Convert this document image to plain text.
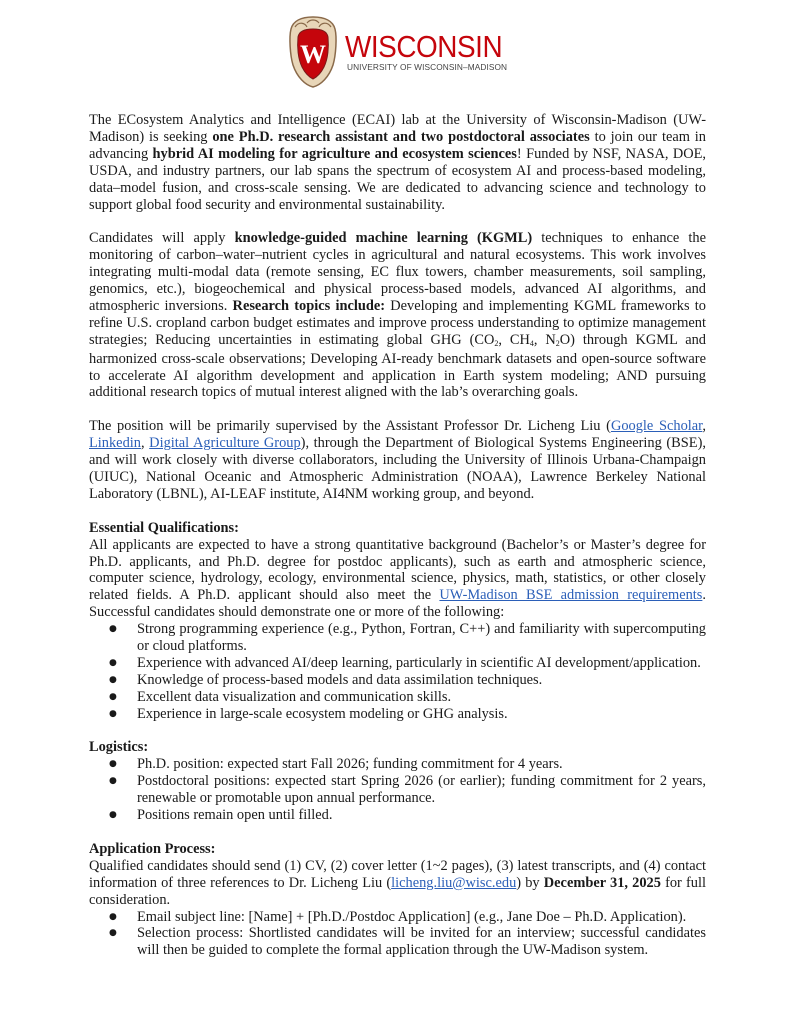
W WISCONSIN
UNIVERSITY OF WISCONSIN–MADISON

The ECosystem Analytics and Intelligence (ECAI) lab at the University of Wisconsin-Madison (UW-Madison) is seeking one Ph.D. research assistant and two postdoctoral associates to join our team in advancing hybrid AI modeling for agriculture and ecosystem sciences! Funded by NSF, NASA, DOE, USDA, and industry partners, our lab spans the spectrum of ecosystem AI and process-based modeling, data–model fusion, and cross-scale sensing. We are dedicated to advancing science and technology to support global food security and environmental sustainability.

Candidates will apply knowledge-guided machine learning (KGML) techniques to enhance the monitoring of carbon–water–nutrient cycles in agricultural and natural ecosystems. This work involves integrating multi-modal data (remote sensing, EC flux towers, chamber measurements, soil sampling, genomics, etc.), biogeochemical and physical process-based models, advanced AI algorithms, and atmospheric inversions. Research topics include: Developing and implementing KGML frameworks to refine U.S. cropland carbon budget estimates and improve process understanding to optimize management strategies; Reducing uncertainties in estimating global GHG ($CO_2$, $CH_4$, $N_2O$) through KGML and harmonized cross-scale observations; Developing AI-ready benchmark datasets and open-source software to accelerate AI algorithm development and application in Earth system modeling; AND pursuing additional research topics of mutual interest aligned with the lab’s overarching goals.

The position will be primarily supervised by the Assistant Professor Dr. Licheng Liu (Google Scholar, Linkedin, Digital Agriculture Group), through the Department of Biological Systems Engineering (BSE), and will work closely with diverse collaborators, including the University of Illinois Urbana-Champaign (UIUC), National Oceanic and Atmospheric Administration (NOAA), Lawrence Berkeley National Laboratory (LBNL), AI-LEAF institute, AI4NM working group, and beyond.

Essential Qualifications:

All applicants are expected to have a strong quantitative background (Bachelor’s or Master’s degree for Ph.D. applicants, and Ph.D. degree for postdoc applicants), such as earth and atmospheric science, computer science, hydrology, ecology, environmental science, physics, math, statistics, or other closely related fields. A Ph.D. applicant should also meet the UW-Madison BSE admission requirements. Successful candidates should demonstrate one or more of the following:

● Strong programming experience (e.g., Python, Fortran, C++) and familiarity with supercomputing or cloud platforms.
● Experience with advanced AI/deep learning, particularly in scientific AI development/application.
● Knowledge of process-based models and data assimilation techniques.
● Excellent data visualization and communication skills.
● Experience in large-scale ecosystem modeling or GHG analysis.
Logistics:
● Ph.D. position: expected start Fall 2026; funding commitment for 4 years.
● Postdoctoral positions: expected start Spring 2026 (or earlier); funding commitment for 2 years, renewable or promotable upon annual performance.
● Positions remain open until filled.
Application Process:

Qualified candidates should send (1) CV, (2) cover letter (1~2 pages), (3) latest transcripts, and (4) contact information of three references to Dr. Licheng Liu (licheng.liu@wisc.edu) by December 31, 2025 for full consideration.

● Email subject line: [Name] + [Ph.D./Postdoc Application] (e.g., Jane Doe – Ph.D. Application).
● Selection process: Shortlisted candidates will be invited for an interview; successful candidates will then be guided to complete the formal application through the UW-Madison system.
